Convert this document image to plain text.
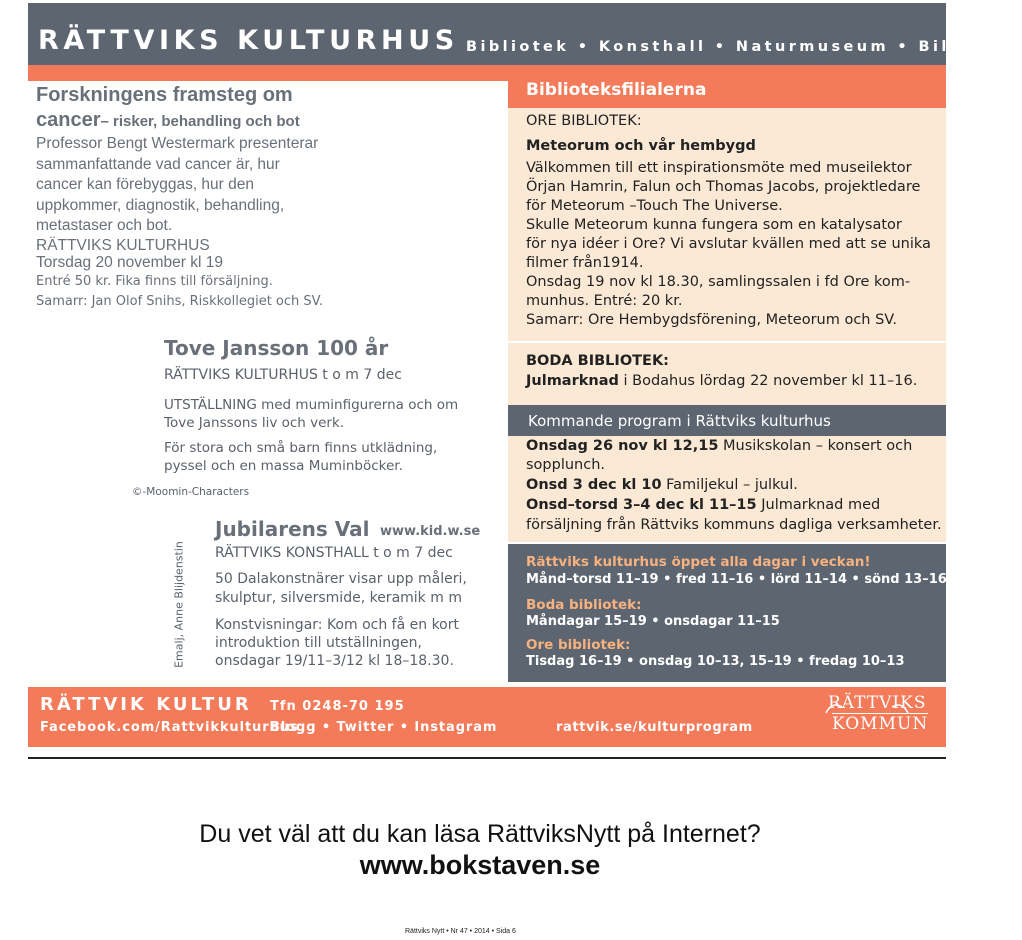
RÄTTVIKS KULTURHUS Bibliotek • Konsthall • Naturmuseum • Bildarkiv
Forskningens framsteg om
cancer– risker, behandling och bot
Professor Bengt Westermark presenterar
sammanfattande vad cancer är, hur
cancer kan förebyggas, hur den
uppkommer, diagnostik, behandling,
metastaser och bot.
RÄTTVIKS KULTURHUS
Torsdag 20 november kl 19
Entré 50 kr. Fika finns till försäljning.
Samarr: Jan Olof Snihs, Riskkollegiet och SV.
Tove Jansson 100 år
RÄTTVIKS KULTURHUS t o m 7 dec
UTSTÄLLNING med muminfigurerna och om
Tove Janssons liv och verk.
För stora och små barn finns utklädning,
pyssel och en massa Muminböcker.
©-Moomin-Characters
Jubilarens Val www.kid.w.se
RÄTTVIKS KONSTHALL t o m 7 dec
50 Dalakonstnärer visar upp måleri,
skulptur, silversmide, keramik m m
Konstvisningar: Kom och få en kort
introduktion till utställningen,
onsdagar 19/11–3/12 kl 18–18.30.
Emalj, Anne Blijdenstin
Biblioteksfilialerna
ORE BIBLIOTEK:
Meteorum och vår hembygd
Välkommen till ett inspirationsmöte med museilektor
Örjan Hamrin, Falun och Thomas Jacobs, projektledare
för Meteorum –Touch The Universe.
Skulle Meteorum kunna fungera som en katalysator
för nya idéer i Ore? Vi avslutar kvällen med att se unika
filmer från1914.
Onsdag 19 nov kl 18.30, samlingssalen i fd Ore kom-
munhus. Entré: 20 kr.
Samarr: Ore Hembygdsförening, Meteorum och SV.
BODA BIBLIOTEK:
Julmarknad i Bodahus lördag 22 november kl 11–16.
Kommande program i Rättviks kulturhus
Onsdag 26 nov kl 12,15 Musikskolan – konsert och
sopplunch.
Onsd 3 dec kl 10 Familjekul – julkul.
Onsd–torsd 3–4 dec kl 11–15 Julmarknad med
försäljning från Rättviks kommuns dagliga verksamheter.
Rättviks kulturhus öppet alla dagar i veckan!
Månd–torsd 11–19 • fred 11–16 • lörd 11–14 • sönd 13–16
Boda bibliotek:
Måndagar 15–19 • onsdagar 11–15
Ore bibliotek:
Tisdag 16–19 • onsdag 10–13, 15–19 • fredag 10–13
RÄTTVIK KULTUR Tfn 0248-70 195
Facebook.com/Rattvikkulturhus
Blogg • Twitter • Instagram	rattvik.se/kulturprogram
RÄTTVIKS
KOMMUN
Du vet väl att du kan läsa RättviksNytt på Internet?
www.bokstaven.se
Rättviks Nytt • Nr 47 • 2014 • Sida 6
